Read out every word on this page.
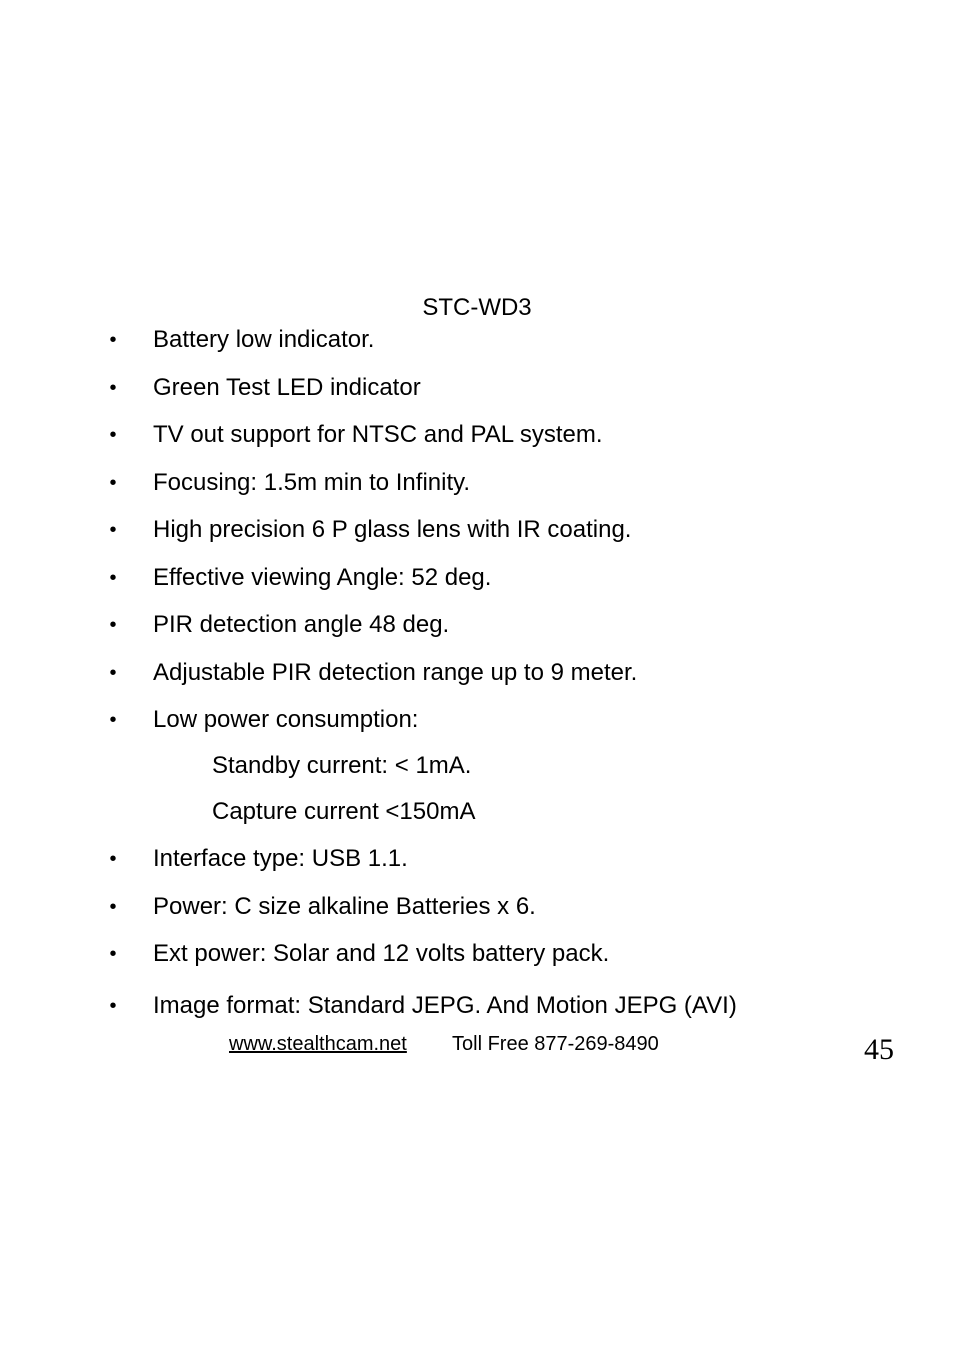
STC-WD3
• Battery low indicator.
• Green Test LED indicator
• TV out support for NTSC and PAL system.
• Focusing: 1.5m min to Infinity.
• High precision 6 P glass lens with IR coating.
• Effective viewing Angle: 52 deg.
• PIR detection angle 48 deg.
• Adjustable PIR detection range up to 9 meter.
• Low power consumption:
Standby current: < 1mA.
Capture current <150mA
• Interface type: USB 1.1.
• Power: C size alkaline Batteries x 6.
• Ext power: Solar and 12 volts battery pack.
• Image format: Standard JEPG. And Motion JEPG (AVI)
www.stealthcam.net Toll Free 877-269-8490	45
